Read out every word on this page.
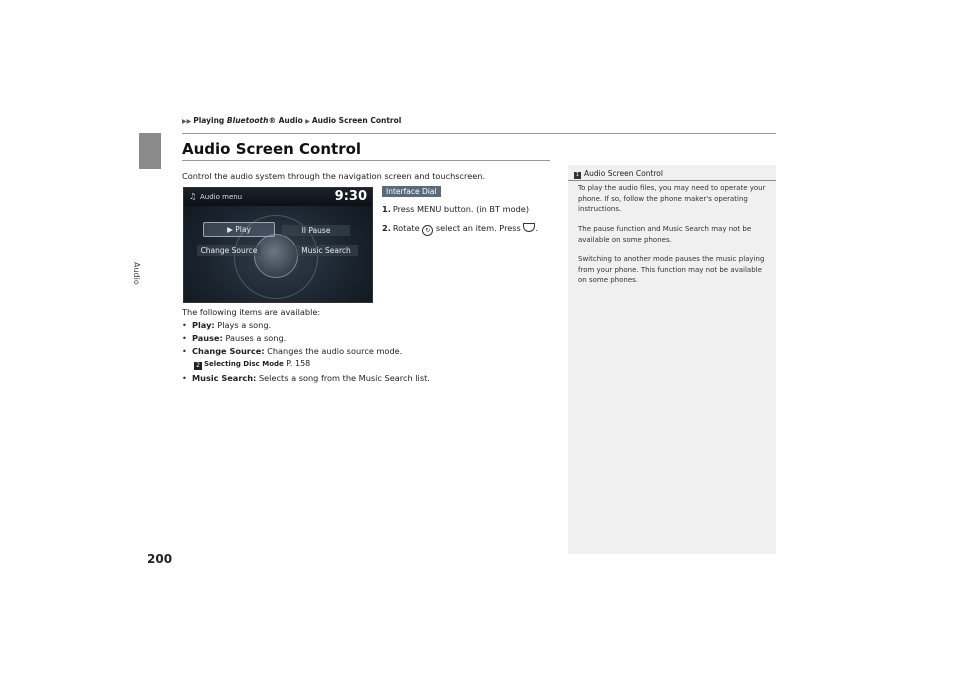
Audio
200
▶▶ Playing Bluetooth® Audio ▶ Audio Screen Control
Audio Screen Control
Control the audio system through the navigation screen and touchscreen.
♫ Audio menu	9:30
▶ Play	II Pause
Change Source	Music Search
Interface Dial
1. Press MENU button. (in BT mode)
2. Rotate ↻ select an item. Press .
The following items are available:
• Play: Plays a song.
• Pause: Pauses a song.
• Change Source: Changes the audio source mode.
2 Selecting Disc Mode P. 158
• Music Search: Selects a song from the Music Search list.
1 Audio Screen Control
To play the audio files, you may need to operate your phone. If so, follow the phone maker's operating instructions.
The pause function and Music Search may not be available on some phones.
Switching to another mode pauses the music playing from your phone. This function may not be available on some phones.
